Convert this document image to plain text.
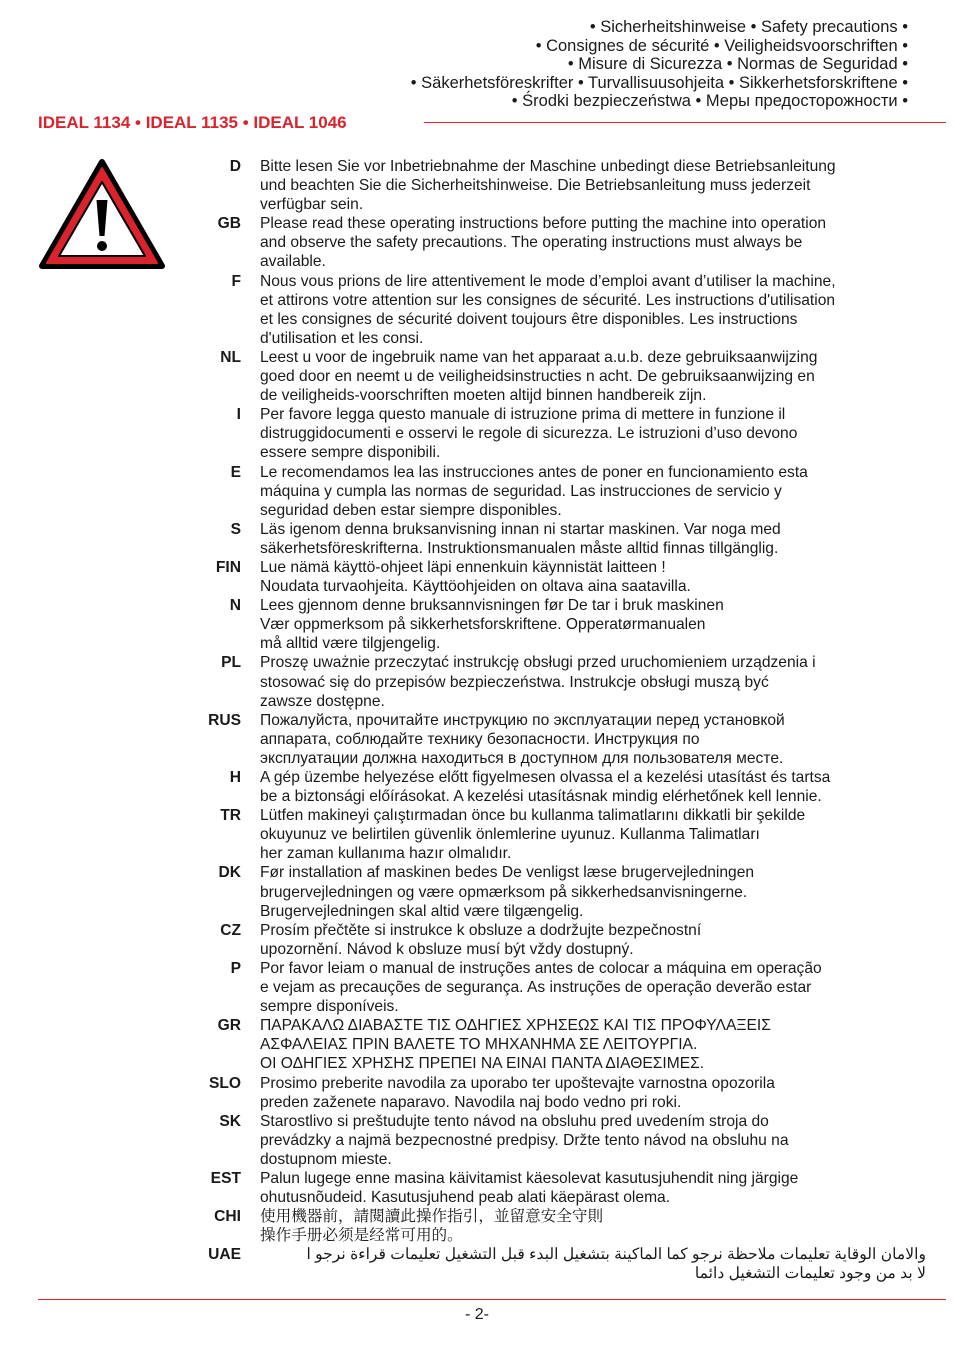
• Sicherheitshinweise • Safety precautions •
• Consignes de sécurité • Veiligheidsvoorschriften •
• Misure di Sicurezza • Normas de Seguridad •
• Säkerhetsföreskrifter • Turvallisuusohjeita • Sikkerhetsforskriftene •
• Środki bezpieczeństwa • Меры предосторожности •
IDEAL 1134 • IDEAL 1135 • IDEAL 1046
D	Bitte lesen Sie vor Inbetriebnahme der Maschine unbedingt diese Betriebsanleitung
und beachten Sie die Sicherheitshinweise. Die Betriebsanleitung muss jederzeit
verfügbar sein.
GB	Please read these operating instructions before putting the machine into operation
and observe the safety precautions. The operating instructions must always be
available.
F	Nous vous prions de lire attentivement le mode d’emploi avant d’utiliser la machine,
et attirons votre attention sur les consignes de sécurité. Les instructions d'utilisation
et les consignes de sécurité doivent toujours être disponibles. Les instructions
d'utilisation et les consi.
NL	Leest u voor de ingebruik name van het apparaat a.u.b. deze gebruiksaanwijzing
goed door en neemt u de veiligheidsinstructies n acht. De gebruiksaanwijzing en
de veiligheids-voorschriften moeten altijd binnen handbereik zijn.
I	Per favore legga questo manuale di istruzione prima di mettere in funzione il
distruggidocumenti e osservi le regole di sicurezza. Le istruzioni d’uso devono
essere sempre disponibili.
E	Le recomendamos lea las instrucciones antes de poner en funcionamiento esta
máquina y cumpla las normas de seguridad. Las instrucciones de servicio y
seguridad deben estar siempre disponibles.
S	Läs igenom denna bruksanvisning innan ni startar maskinen. Var noga med
säkerhetsföreskrifterna. Instruktionsmanualen måste alltid finnas tillgänglig.
FIN	Lue nämä käyttö-ohjeet läpi ennenkuin käynnistät laitteen !
Noudata turvaohjeita. Käyttöohjeiden on oltava aina saatavilla.
N	Lees gjennom denne bruksannvisningen før De tar i bruk maskinen
Vær oppmerksom på sikkerhetsforskriftene. Opperatørmanualen
må alltid være tilgjengelig.
PL	Proszę uważnie przeczytać instrukcję obsługi przed uruchomieniem urządzenia i
stosować się do przepisów bezpieczeństwa. Instrukcje obsługi muszą być
zawsze dostępne.
RUS	Пожалуйста, прочитайте инструкцию по эксплуатации перед установкой
аппарата, соблюдайте технику безопасности. Инструкция по
эксплуатации должна находиться в доступном для пользователя месте.
H	A gép üzembe helyezése előtt figyelmesen olvassa el a kezelési utasítást és tartsa
be a biztonsági előírásokat. A kezelési utasításnak mindig elérhetőnek kell lennie.
TR	Lütfen makineyi çalıştırmadan önce bu kullanma talimatlarını dikkatli bir şekilde
okuyunuz ve belirtilen güvenlik önlemlerine uyunuz. Kullanma Talimatları
her zaman kullanıma hazır olmalıdır.
DK	Før installation af maskinen bedes De venligst læse brugervejledningen
brugervejledningen og være opmærksom på sikkerhedsanvisningerne.
Brugervejledningen skal altid være tilgængelig.
CZ	Prosím přečtěte si instrukce k obsluze a dodržujte bezpečnostní
upozornění. Návod k obsluze musí být vždy dostupný.
P	Por favor leiam o manual de instruções antes de colocar a máquina em operação
e vejam as precauções de segurança. As instruções de operação deverão estar
sempre disponíveis.
GR	ΠΑΡΑΚΑΛΩ ΔΙΑΒΑΣΤΕ ΤΙΣ ΟΔΗΓΙΕΣ ΧΡΗΣΕΩΣ ΚΑΙ ΤΙΣ ΠΡΟΦΥΛΑΞΕΙΣ
ΑΣΦΑΛΕΙΑΣ ΠΡΙΝ ΒΑΛΕΤΕ ΤΟ ΜΗΧΑΝΗΜΑ ΣΕ ΛΕΙΤΟΥΡΓΙΑ.
ΟΙ ΟΔΗΓΙΕΣ ΧΡΗΣΗΣ ΠΡΕΠΕΙ ΝΑ ΕΙΝΑΙ ΠΑΝΤΑ ΔΙΑΘΕΣΙΜΕΣ.
SLO	Prosimo preberite navodila za uporabo ter upoštevajte varnostna opozorila
preden zaženete naparavo. Navodila naj bodo vedno pri roki.
SK	Starostlivo si preštudujte tento návod na obsluhu pred uvedením stroja do
prevádzky a najmä bezpecnostné predpisy. Držte tento návod na obsluhu na
dostupnom mieste.
EST	Palun lugege enne masina käivitamist käesolevat kasutusjuhendit ning järgige
ohutusnõudeid. Kasutusjuhend peab alati käepärast olema.
CHI	使用機器前，請閱讀此操作指引，並留意安全守則
操作手册必须是经常可用的。
UAE	والامان الوقاية تعليمات ملاحظة نرجو كما الماكينة بتشغيل البدء قبل التشغيل تعليمات قراءة نرجو ا
لا بد من وجود تعليمات التشغيل دائما
- 2-
